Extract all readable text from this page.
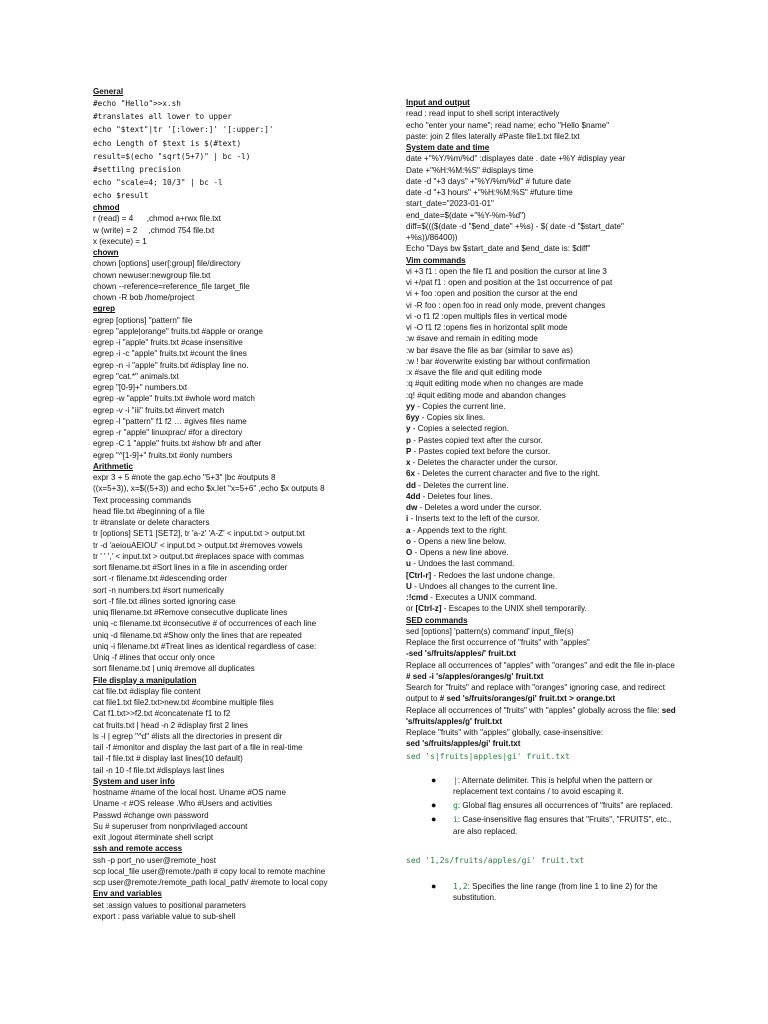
General
#echo "Hello">>x.sh
#translates all lower to upper
echo "$text"|tr '[:lower:]' '[:upper:]'
echo Length of $text is $(#text)
result=$(echo "sqrt(5+7)" | bc -l)
#settilng precision
echo "scale=4; 10/3" | bc -l
echo $result
chmod
r (read) = 4      ,chmod a+rwx file.txt
w (write) = 2     ,chmod 754 file.txt
x (execute) = 1
chown
chown [options] user[:group] file/directory
chown newuser:newgroup file.txt
chown --reference=reference_file target_file
chown -R bob /home/project
egrep
egrep [options] "pattern" file
egrep "apple|orange" fruits.txt #apple or orange
egrep -i "apple" fruits.txt #case insensitive
egrep -i -c "apple" fruits.txt #count the lines
egrep -n -i "apple" fruits.txt #display line no.
egrep "cat.*" animals.txt
egrep "[0-9]+" numbers.txt
egrep -w "apple" fruits.txt #whole word match
egrep -v -i "iii" fruits.txt #invert match
egrep -l "pattern" f1 f2 … #gives files name
egrep -r "apple" linuxprac/ #for a directory
egrep -C 1 "apple" fruits.txt #show bfr and after
egrep "^[1-9]+" fruits.txt #only numbers
Arithmetic
expr 3 + 5 #note the gap.echo "5+3" |bc #outputs 8
((x=5+3)), x=$((5+3)) and echo $x.let "x=5+6" ,echo $x outputs 8
Text processing commands
head file.txt #beginning of a file
tr #translate or delete characters
tr [options] SET1 [SET2], tr 'a-z' 'A-Z' < input.txt > output.txt
tr -d 'aeiouAEIOU' < input.txt > output.txt #removes vowels
tr ' ' ',' < input.txt > output.txt #replaces space with commas
sort filename.txt #Sort lines in a file in ascending order
sort -r filename.txt #descending order
sort -n numbers.txt #sort numerically
sort -f file.txt #lines sorted ignoring case
uniq filename.txt #Remove consecutive duplicate lines
uniq -c filename.txt #consecutive # of occurrences of each line
uniq -d filename.txt #Show only the lines that are repeated
uniq -i filename.txt #Treat lines as identical regardless of case:
Uniq -f #lines that occur only once
sort filename.txt | uniq #remove all duplicates
File display a manipulation
cat file.txt #display file content
cat file1.txt file2.txt>new.txt #combine multiple files
Cat f1.txt>>f2.txt #concatenate f1 to f2
cat fruits.txt | head -n 2 #display first 2 lines
ls -l | egrep "^d" #lists all the directories in present dir
tail -f #monitor and display the last part of a file in real-time
tail -f file.txt # display last lines(10 default)
tail -n 10 -f file.txt #displays last lines
System and user info
hostname #name of the local host. Uname #OS name
Uname -r #OS release .Who #Users and activities
Passwd #change own password
Su # superuser from nonprivilaged account
exit ,logout #terminate shell script
ssh and remote access
ssh -p port_no user@remote_host
scp local_file user@remote:/path # copy local to remote machine
scp user@remote:/remote_path local_path/ #remote to local copy
Env and variables
set :assign values to positional parameters
export : pass variable value to sub-shell
Input and output
read : read input to shell script interactively
echo "enter your name"; read name; echo "Hello $name"
paste: join 2 files laterally #Paste file1.txt file2.txt
System date and time
date +"%Y/%m/%d" :displayes date . date +%Y #display year
Date +"%H:%M:%S" #displays time
date -d "+3 days" +"%Y/%m/%d" # future date
date -d "+3 hours" +"%H:%M:%S" #future time
start_date="2023-01-01"
end_date=$(date +"%Y-%m-%d")
diff=$((($(date -d "$end_date" +%s) - $( date -d "$start_date" +%s))/86400))
Echo "Days bw $start_date and $end_date is: $diff"
Vim commands
vi +3 f1 : open the file f1 and position the cursor at line 3
vi +/pat f1 : open and position at the 1st occurrence of pat
vi + foo :open and position the cursor at the end
vi -R foo : open foo in read only mode, prevent changes
vi -o f1 f2 :open multipls files in vertical mode
vi -O f1 f2 :opens fies in horizontal split mode
:w #save and remain in editing mode
:w bar #save the file as bar (similar to save as)
:w ! bar #overwrite existing bar without confirmation
:x #save the file and quit editing mode
:q #quit editing mode when no changes are made
:q! #quit editing mode and abandon changes
yy - Copies the current line.
6yy - Copies six lines.
y - Copies a selected region.
p - Pastes copied text after the cursor.
P - Pastes copied text before the cursor.
x - Deletes the character under the cursor.
6x - Deletes the current character and five to the right.
dd - Deletes the current line.
4dd - Deletes four lines.
dw - Deletes a word under the cursor.
i - Inserts text to the left of the cursor.
a - Appends text to the right.
o - Opens a new line below.
O - Opens a new line above.
u - Undoes the last command.
[Ctrl-r] - Redoes the last undone change.
U - Undoes all changes to the current line.
:!cmd - Executes a UNIX command.
or [Ctrl-z] - Escapes to the UNIX shell temporarily.
SED commands
sed [options] 'pattern(s) command' input_file(s)
Replace the first occurrence of "fruits" with "apples"
-sed 's/fruits/apples/' fruit.txt
Replace all occurrences of "apples" with "oranges" and edit the file in-place # sed -i 's/apples/oranges/g' fruit.txt
Search for "fruits" and replace with "oranges" ignoring case, and redirect output to # sed 's/fruits/oranges/gi' fruit.txt > orange.txt
Replace all occurrences of "fruits" with "apples" globally across the file: sed 's/fruits/apples/g' fruit.txt
Replace "fruits" with "apples" globally, case-insensitive:
sed 's/fruits/apples/gi' fruit.txt
sed 's|fruits|apples|gi' fruit.txt
● |: Alternate delimiter. This is helpful when the pattern or replacement text contains / to avoid escaping it.
● g: Global flag ensures all occurrences of "fruits" are replaced.
● i: Case-insensitive flag ensures that "Fruits", "FRUITS", etc., are also replaced.
sed '1,2s/fruits/apples/gi' fruit.txt
● 1,2: Specifies the line range (from line 1 to line 2) for the substitution.
